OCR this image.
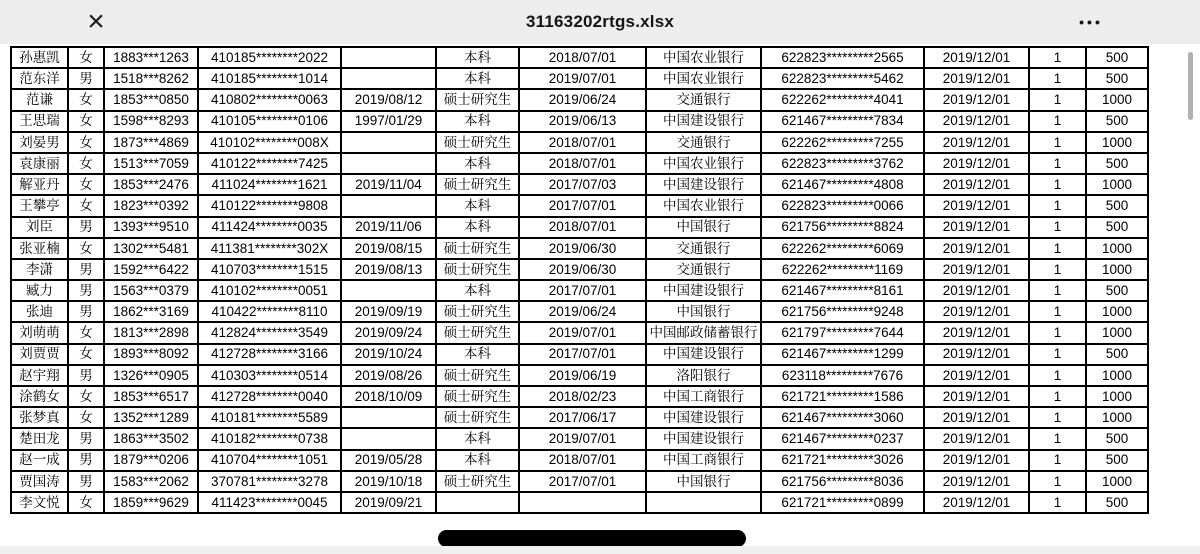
×	31163202rtgs.xlsx	•••
孙惠凯	女	1883***1263	410185********2022		本科	2018/07/01	中国农业银行	622823*********2565	2019/12/01	1	500
范东洋	男	1518***8262	410185********1014		本科	2019/07/01	中国农业银行	622823*********5462	2019/12/01	1	500
范谦	女	1853***0850	410802********0063	2019/08/12	硕士研究生	2019/06/24	交通银行	622262*********4041	2019/12/01	1	1000
王思瑞	女	1598***8293	410105********0106	1997/01/29	本科	2019/06/13	中国建设银行	621467*********7834	2019/12/01	1	500
刘晏男	女	1873***4869	410102********008X		硕士研究生	2018/07/01	交通银行	622262*********7255	2019/12/01	1	1000
袁康丽	女	1513***7059	410122********7425		本科	2018/07/01	中国农业银行	622823*********3762	2019/12/01	1	500
解亚丹	女	1853***2476	411024********1621	2019/11/04	硕士研究生	2017/07/03	中国建设银行	621467*********4808	2019/12/01	1	1000
王攀亭	女	1823***0392	410122********9808		本科	2017/07/01	中国农业银行	622823*********0066	2019/12/01	1	500
刘臣	男	1393***9510	411424********0035	2019/11/06	本科	2018/07/01	中国银行	621756*********8824	2019/12/01	1	500
张亚楠	女	1302***5481	411381********302X	2019/08/15	硕士研究生	2019/06/30	交通银行	622262*********6069	2019/12/01	1	1000
李潇	男	1592***6422	410703********1515	2019/08/13	硕士研究生	2019/06/30	交通银行	622262*********1169	2019/12/01	1	1000
臧力	男	1563***0379	410102********0051		本科	2017/07/01	中国建设银行	621467*********8161	2019/12/01	1	500
张迪	男	1862***3169	410422********8110	2019/09/19	硕士研究生	2019/06/24	中国银行	621756*********9248	2019/12/01	1	1000
刘萌萌	女	1813***2898	412824********3549	2019/09/24	硕士研究生	2019/07/01	中国邮政储蓄银行	621797*********7644	2019/12/01	1	1000
刘贾贾	女	1893***8092	412728********3166	2019/10/24	本科	2017/07/01	中国建设银行	621467*********1299	2019/12/01	1	500
赵宇翔	男	1326***0905	410303********0514	2019/08/26	硕士研究生	2019/06/19	洛阳银行	623118*********7676	2019/12/01	1	1000
涂鹤女	女	1853***6517	412728********0040	2018/10/09	硕士研究生	2018/02/23	中国工商银行	621721*********1586	2019/12/01	1	1000
张梦真	女	1352***1289	410181********5589		硕士研究生	2017/06/17	中国建设银行	621467*********3060	2019/12/01	1	1000
楚田龙	男	1863***3502	410182********0738		本科	2019/07/01	中国建设银行	621467*********0237	2019/12/01	1	500
赵一成	男	1879***0206	410704********1051	2019/05/28	本科	2018/07/01	中国工商银行	621721*********3026	2019/12/01	1	500
贾国涛	男	1583***2062	370781********3278	2019/10/18	硕士研究生	2017/07/01	中国银行	621756*********8036	2019/12/01	1	1000
李文悦	女	1859***9629	411423********0045	2019/09/21				621721*********0899	2019/12/01	1	500
